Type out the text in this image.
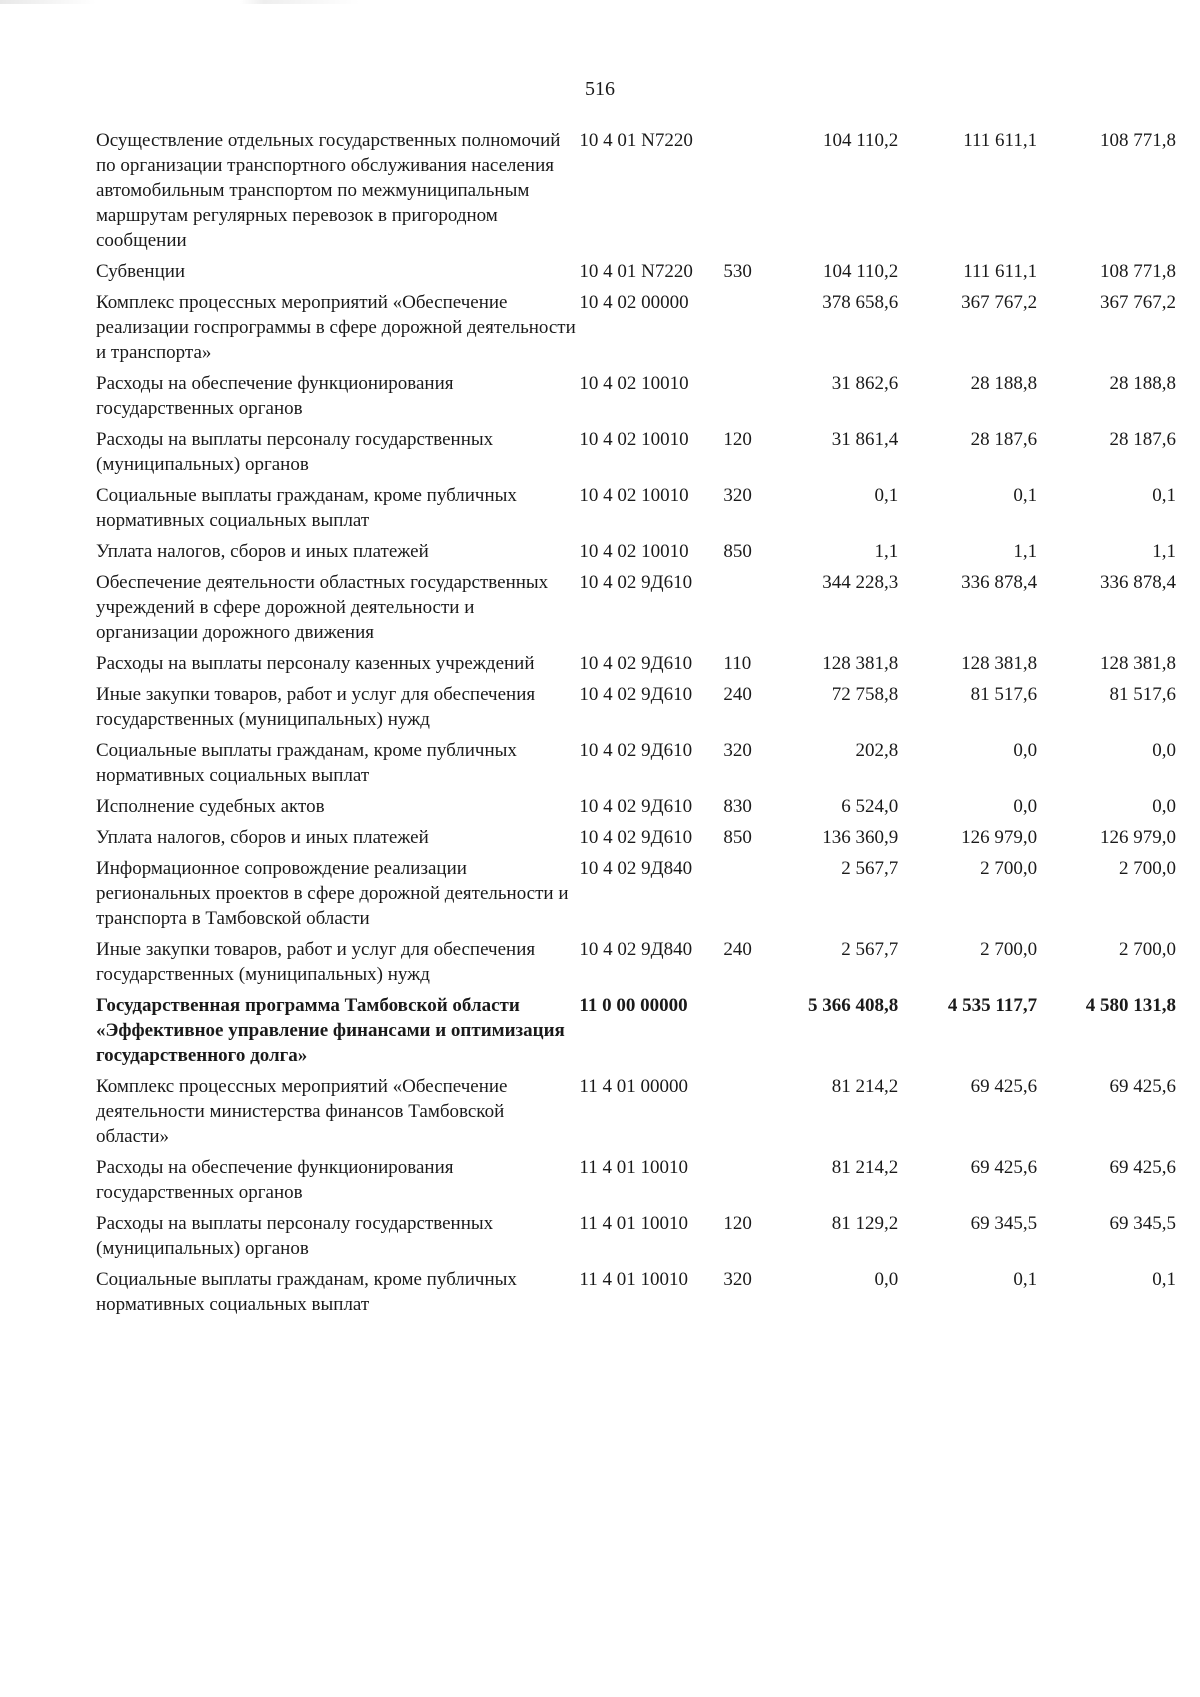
516
Осуществление отдельных государственных полномочий по организации транспортного обслуживания населения автомобильным транспортом по межмуниципальным маршрутам регулярных перевозок в пригородном сообщении	10 4 01 N7220		104 110,2	111 611,1	108 771,8
Субвенции	10 4 01 N7220	530	104 110,2	111 611,1	108 771,8
Комплекс процессных мероприятий «Обеспечение реализации госпрограммы в сфере дорожной деятельности и транспорта»	10 4 02 00000		378 658,6	367 767,2	367 767,2
Расходы на обеспечение функционирования государственных органов	10 4 02 10010		31 862,6	28 188,8	28 188,8
Расходы на выплаты персоналу государственных (муниципальных) органов	10 4 02 10010	120	31 861,4	28 187,6	28 187,6
Социальные выплаты гражданам, кроме публичных нормативных социальных выплат	10 4 02 10010	320	0,1	0,1	0,1
Уплата налогов, сборов и иных платежей	10 4 02 10010	850	1,1	1,1	1,1
Обеспечение деятельности областных государственных учреждений в сфере дорожной деятельности и организации дорожного движения	10 4 02 9Д610		344 228,3	336 878,4	336 878,4
Расходы на выплаты персоналу казенных учреждений	10 4 02 9Д610	110	128 381,8	128 381,8	128 381,8
Иные закупки товаров, работ и услуг для обеспечения государственных (муниципальных) нужд	10 4 02 9Д610	240	72 758,8	81 517,6	81 517,6
Социальные выплаты гражданам, кроме публичных нормативных социальных выплат	10 4 02 9Д610	320	202,8	0,0	0,0
Исполнение судебных актов	10 4 02 9Д610	830	6 524,0	0,0	0,0
Уплата налогов, сборов и иных платежей	10 4 02 9Д610	850	136 360,9	126 979,0	126 979,0
Информационное сопровождение реализации региональных проектов в сфере дорожной деятельности и транспорта в Тамбовской области	10 4 02 9Д840		2 567,7	2 700,0	2 700,0
Иные закупки товаров, работ и услуг для обеспечения государственных (муниципальных) нужд	10 4 02 9Д840	240	2 567,7	2 700,0	2 700,0
Государственная программа Тамбовской области «Эффективное управление финансами и оптимизация государственного долга»	11 0 00 00000		5 366 408,8	4 535 117,7	4 580 131,8
Комплекс процессных мероприятий «Обеспечение деятельности министерства финансов Тамбовской области»	11 4 01 00000		81 214,2	69 425,6	69 425,6
Расходы на обеспечение функционирования государственных органов	11 4 01 10010		81 214,2	69 425,6	69 425,6
Расходы на выплаты персоналу государственных (муниципальных) органов	11 4 01 10010	120	81 129,2	69 345,5	69 345,5
Социальные выплаты гражданам, кроме публичных нормативных социальных выплат	11 4 01 10010	320	0,0	0,1	0,1
